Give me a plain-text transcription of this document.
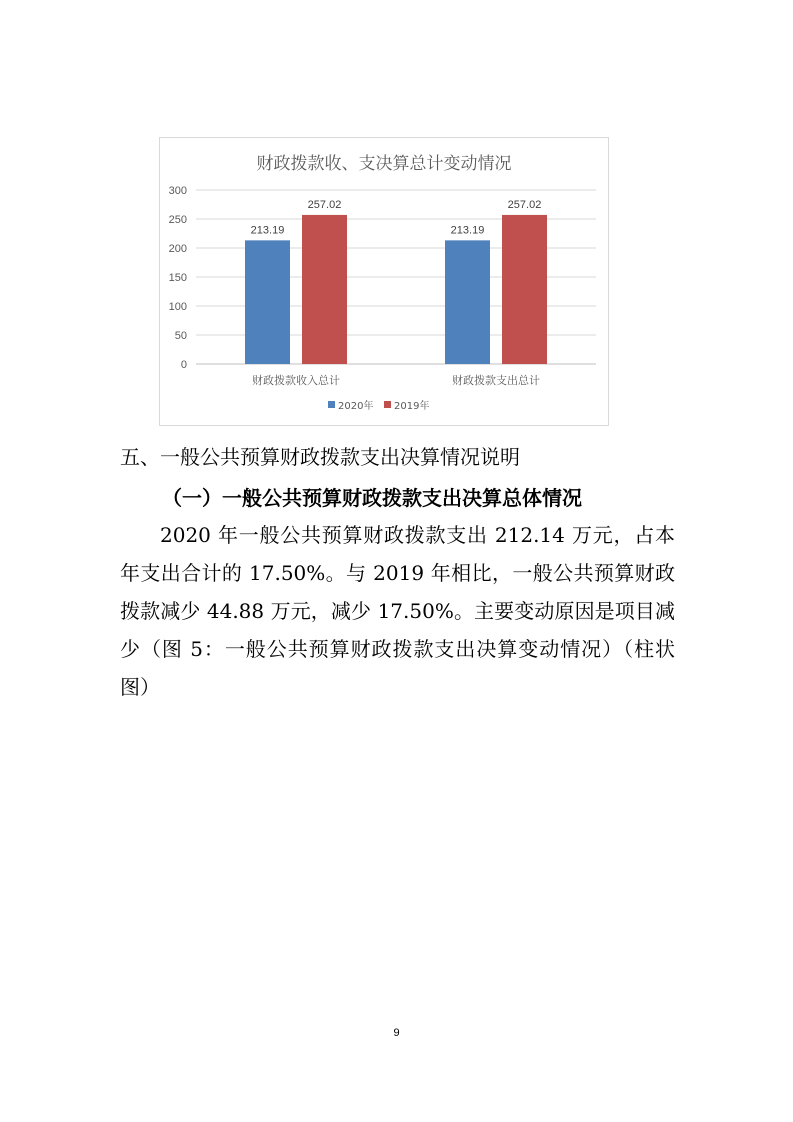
财政拨款收、支决算总计变动情况
0
50
100
150
200
250
300
213.19
257.02
213.19
257.02
财政拨款收入总计	财政拨款支出总计
2020年 2019年
五、一般公共预算财政拨款支出决算情况说明
（一）一般公共预算财政拨款支出决算总体情况
2020 年一般公共预算财政拨款支出 212.14 万元，占本年支出合计的 17.50%。与 2019 年相比，一般公共预算财政拨款减少 44.88 万元，减少 17.50%。主要变动原因是项目减少（图 5：一般公共预算财政拨款支出决算变动情况）（柱状图）
9
